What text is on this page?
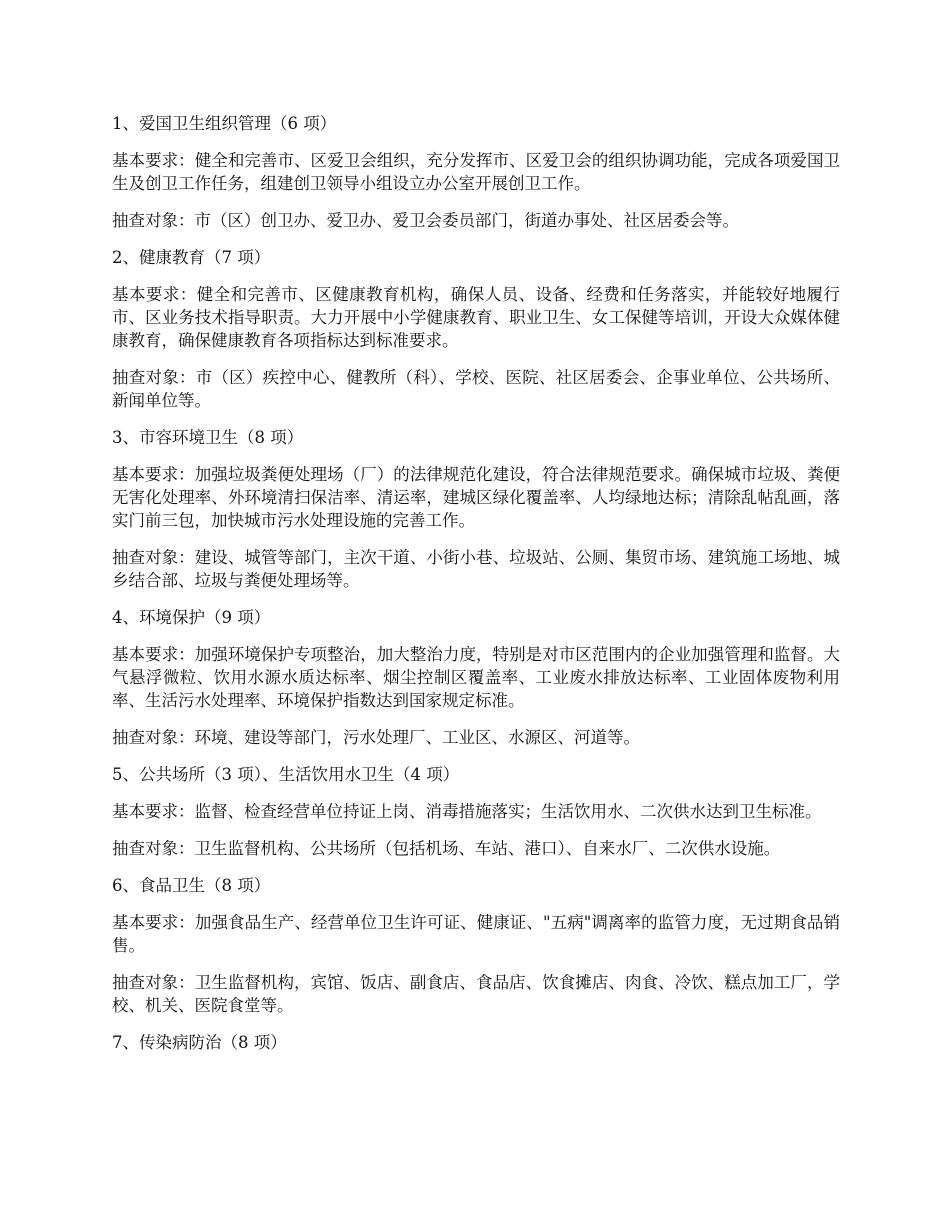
1、爱国卫生组织管理（6 项）

基本要求：健全和完善市、区爱卫会组织，充分发挥市、区爱卫会的组织协调功能，完成各项爱国卫生及创卫工作任务，组建创卫领导小组设立办公室开展创卫工作。

抽查对象：市（区）创卫办、爱卫办、爱卫会委员部门，街道办事处、社区居委会等。

2、健康教育（7 项）

基本要求：健全和完善市、区健康教育机构，确保人员、设备、经费和任务落实，并能较好地履行市、区业务技术指导职责。大力开展中小学健康教育、职业卫生、女工保健等培训，开设大众媒体健康教育，确保健康教育各项指标达到标准要求。

抽查对象：市（区）疾控中心、健教所（科）、学校、医院、社区居委会、企事业单位、公共场所、新闻单位等。

3、市容环境卫生（8 项）

基本要求：加强垃圾粪便处理场（厂）的法律规范化建设，符合法律规范要求。确保城市垃圾、粪便无害化处理率、外环境清扫保洁率、清运率，建城区绿化覆盖率、人均绿地达标；清除乱帖乱画，落实门前三包，加快城市污水处理设施的完善工作。

抽查对象：建设、城管等部门，主次干道、小街小巷、垃圾站、公厕、集贸市场、建筑施工场地、城乡结合部、垃圾与粪便处理场等。

4、环境保护（9 项）

基本要求：加强环境保护专项整治，加大整治力度，特别是对市区范围内的企业加强管理和监督。大气悬浮微粒、饮用水源水质达标率、烟尘控制区覆盖率、工业废水排放达标率、工业固体废物利用率、生活污水处理率、环境保护指数达到国家规定标准。

抽查对象：环境、建设等部门，污水处理厂、工业区、水源区、河道等。

5、公共场所（3 项）、生活饮用水卫生（4 项）

基本要求：监督、检查经营单位持证上岗、消毒措施落实；生活饮用水、二次供水达到卫生标准。

抽查对象：卫生监督机构、公共场所（包括机场、车站、港口）、自来水厂、二次供水设施。

6、食品卫生（8 项）

基本要求：加强食品生产、经营单位卫生许可证、健康证、"五病"调离率的监管力度，无过期食品销售。

抽查对象：卫生监督机构，宾馆、饭店、副食店、食品店、饮食摊店、肉食、冷饮、糕点加工厂，学校、机关、医院食堂等。

7、传染病防治（8 项）
